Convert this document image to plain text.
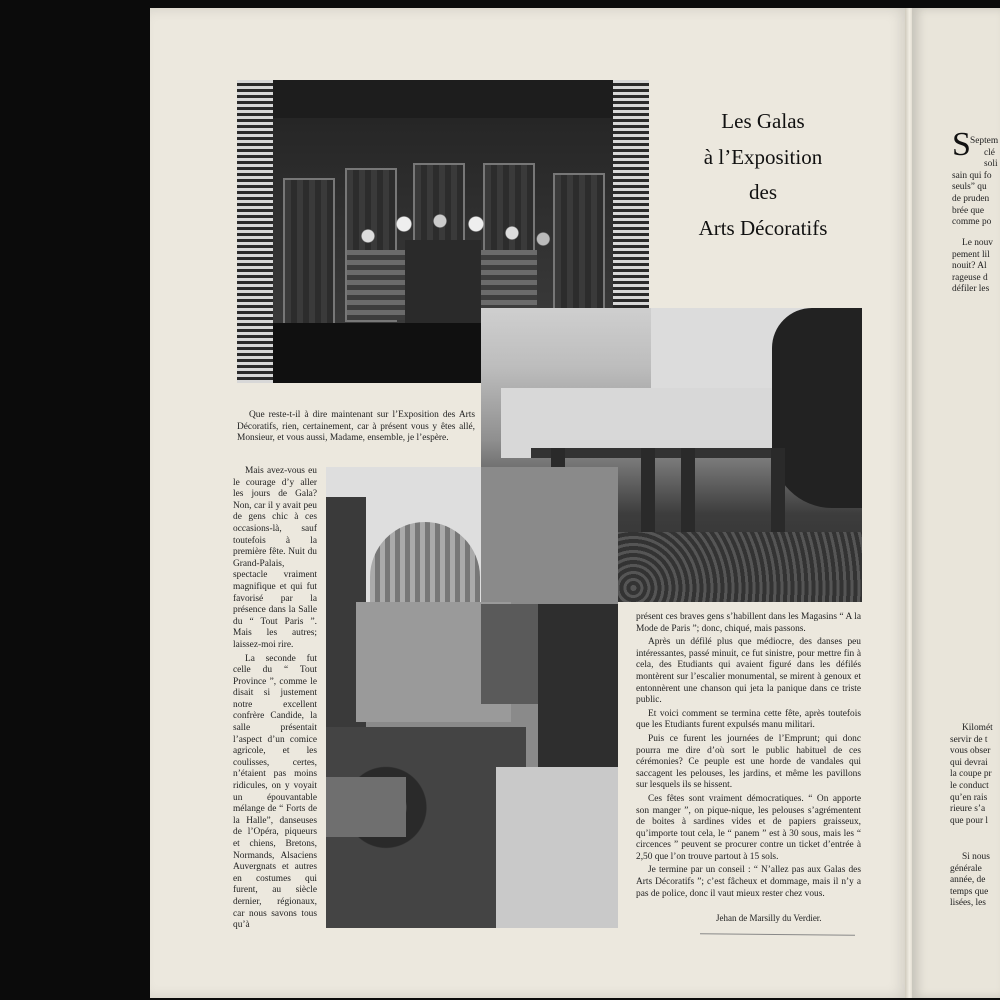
Les Galas
à l’Exposition
des
Arts Décoratifs

Que reste-t-il à dire maintenant sur l’Exposition des Arts Décoratifs, rien, certainement, car à présent vous y êtes allé, Monsieur, et vous aussi, Madame, ensemble, je l’espère.

Mais avez-vous eu le courage d’y aller les jours de Gala? Non, car il y avait peu de gens chic à ces occasions-là, sauf toutefois à la première fête. Nuit du Grand-Palais, spectacle vraiment magnifique et qui fut favorisé par la présence dans la Salle du “ Tout Paris ”. Mais les autres; laissez-moi rire.

La seconde fut celle du “ Tout Province ”, comme le disait si justement notre excellent confrère Candide, la salle présentait l’aspect d’un comice agricole, et les coulisses, certes, n’étaient pas moins ridicules, on y voyait un épouvantable mélange de “ Forts de la Halle”, danseuses de l’Opéra, piqueurs et chiens, Bretons, Normands, Alsaciens Auvergnats et autres en costumes qui furent, au siècle dernier, régionaux, car nous savons tous qu’à

présent ces braves gens s’habillent dans les Magasins “ A la Mode de Paris ”; donc, chiqué, mais passons.

Après un défilé plus que médiocre, des danses peu intéressantes, passé minuit, ce fut sinistre, pour mettre fin à cela, des Etudiants qui avaient figuré dans les défilés montèrent sur l’escalier monumental, se mirent à genoux et entonnèrent une chanson qui jeta la panique dans ce triste public.

Et voici comment se termina cette fête, après toutefois que les Etudiants furent expulsés manu militari.

Puis ce furent les journées de l’Emprunt; qui donc pourra me dire d’où sort le public habituel de ces cérémonies? Ce peuple est une horde de vandales qui saccagent les pelouses, les jardins, et même les pavillons sur lesquels ils se hissent.

Ces fêtes sont vraiment démocratiques. “ On apporte son manger ”, on pique-nique, les pelouses s’agrémentent de boites à sardines vides et de papiers graisseux, qu’importe tout cela, le “ panem ” est à 30 sous, mais les “ circences ” peuvent se procurer contre un ticket d’entrée à 2,50 que l’on trouve partout à 15 sols.

Je termine par un conseil : “ N’allez pas aux Galas des Arts Décoratifs ”; c’est fâcheux et dommage, mais il n’y a pas de police, donc il vaut mieux rester chez vous.

Jehan de Marsilly du Verdier.
S Septem
clé
soli
sain qui fo
seuls” qu
de pruden
brée que
comme po
Le nouv
pement lil
nouit? Al
rageuse d
défiler les
Kilomét
servir de t
vous obser
qui devrai
la coupe pr
le conduct
qu’en rais
rieure s’a
que pour l
Si nous
générale
année, de
temps que
lisées, les
